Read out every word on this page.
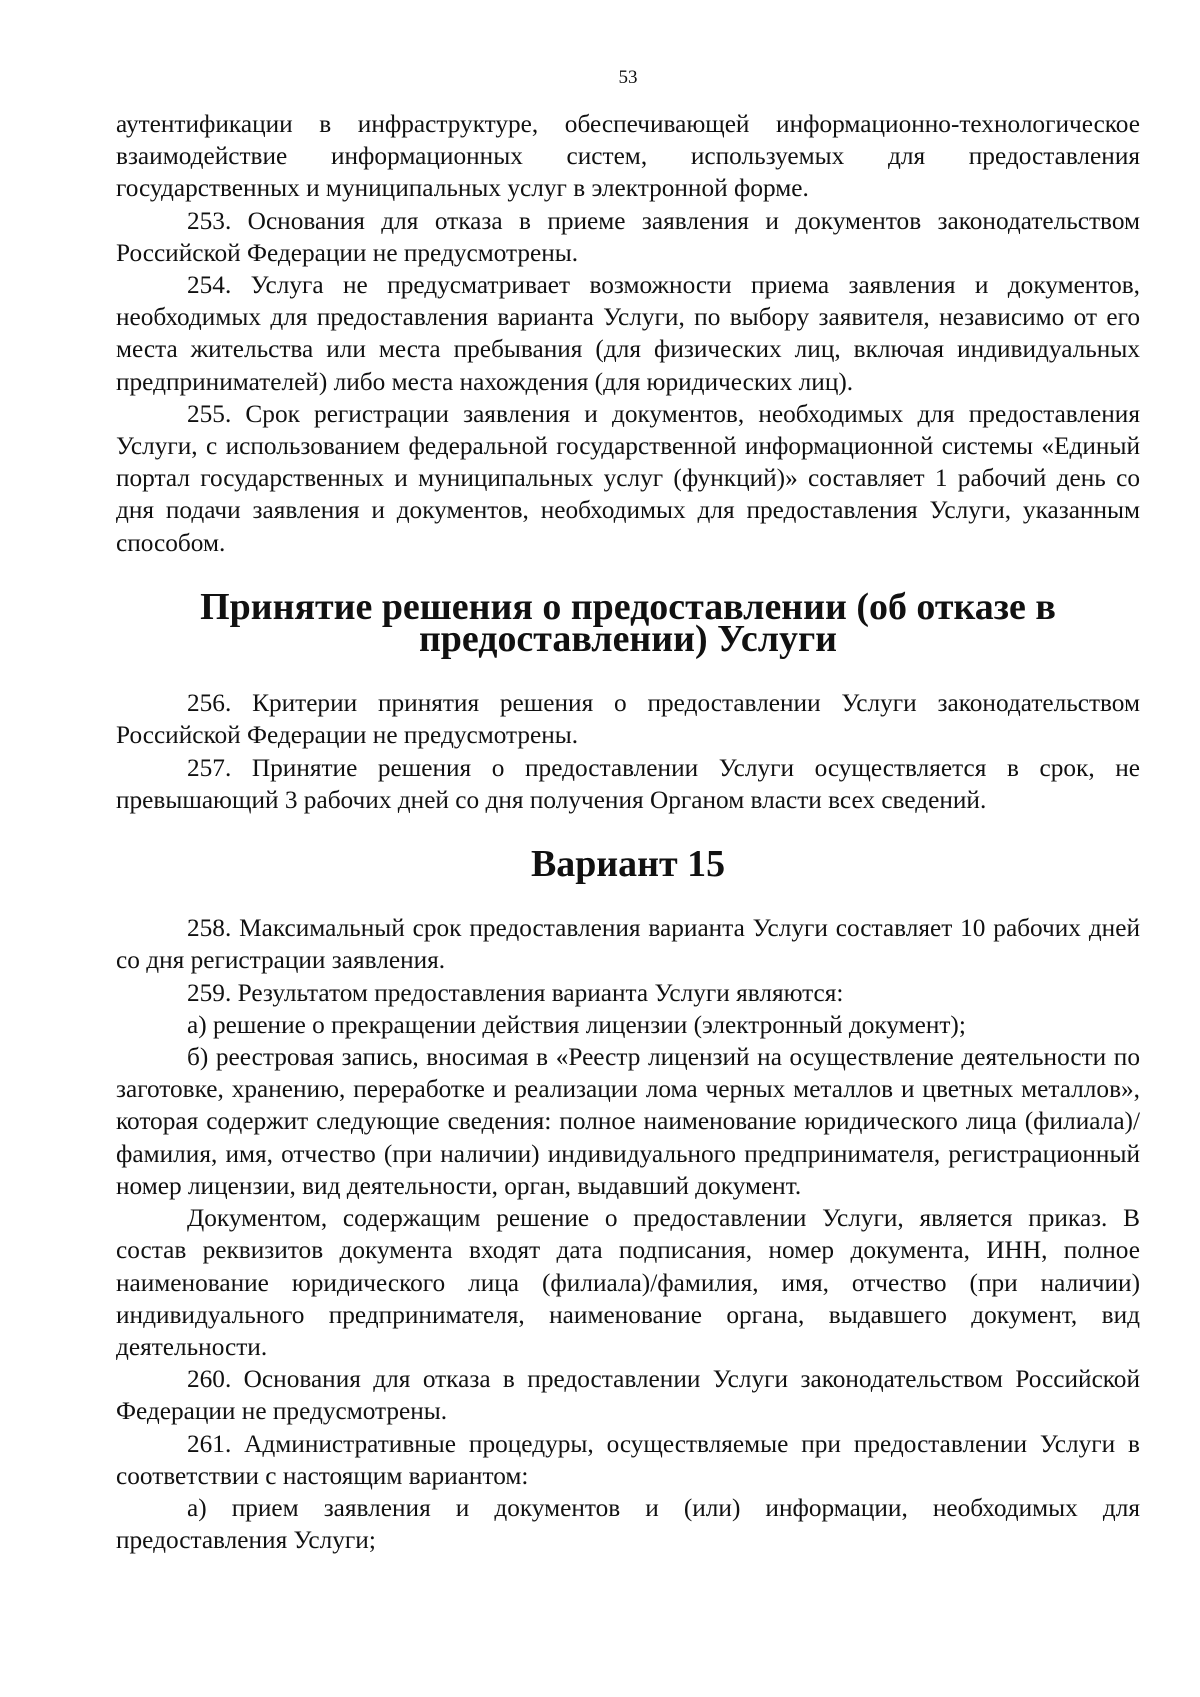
53

аутентификации в инфраструктуре, обеспечивающей информационно-технологическое взаимодействие информационных систем, используемых для предоставления государственных и муниципальных услуг в электронной форме.

253. Основания для отказа в приеме заявления и документов законодательством Российской Федерации не предусмотрены.

254. Услуга не предусматривает возможности приема заявления и документов, необходимых для предоставления варианта Услуги, по выбору заявителя, независимо от его места жительства или места пребывания (для физических лиц, включая индивидуальных предпринимателей) либо места нахождения (для юридических лиц).

255. Срок регистрации заявления и документов, необходимых для предоставления Услуги, с использованием федеральной государственной информационной системы «Единый портал государственных и муниципальных услуг (функций)» составляет 1 рабочий день со дня подачи заявления и документов, необходимых для предоставления Услуги, указанным способом.

Принятие решения о предоставлении (об отказе в предоставлении) Услуги

256. Критерии принятия решения о предоставлении Услуги законодательством Российской Федерации не предусмотрены.

257. Принятие решения о предоставлении Услуги осуществляется в срок, не превышающий 3 рабочих дней со дня получения Органом власти всех сведений.

Вариант 15

258. Максимальный срок предоставления варианта Услуги составляет 10 рабочих дней со дня регистрации заявления.

259. Результатом предоставления варианта Услуги являются:

а) решение о прекращении действия лицензии (электронный документ);

б) реестровая запись, вносимая в «Реестр лицензий на осуществление деятельности по заготовке, хранению, переработке и реализации лома черных металлов и цветных металлов», которая содержит следующие сведения: полное наименование юридического лица (филиала)/фамилия, имя, отчество (при наличии) индивидуального предпринимателя, регистрационный номер лицензии, вид деятельности, орган, выдавший документ.

Документом, содержащим решение о предоставлении Услуги, является приказ. В состав реквизитов документа входят дата подписания, номер документа, ИНН, полное наименование юридического лица (филиала)/фамилия, имя, отчество (при наличии) индивидуального предпринимателя, наименование органа, выдавшего документ, вид деятельности.

260. Основания для отказа в предоставлении Услуги законодательством Российской Федерации не предусмотрены.

261. Административные процедуры, осуществляемые при предоставлении Услуги в соответствии с настоящим вариантом:

а) прием заявления и документов и (или) информации, необходимых для предоставления Услуги;
